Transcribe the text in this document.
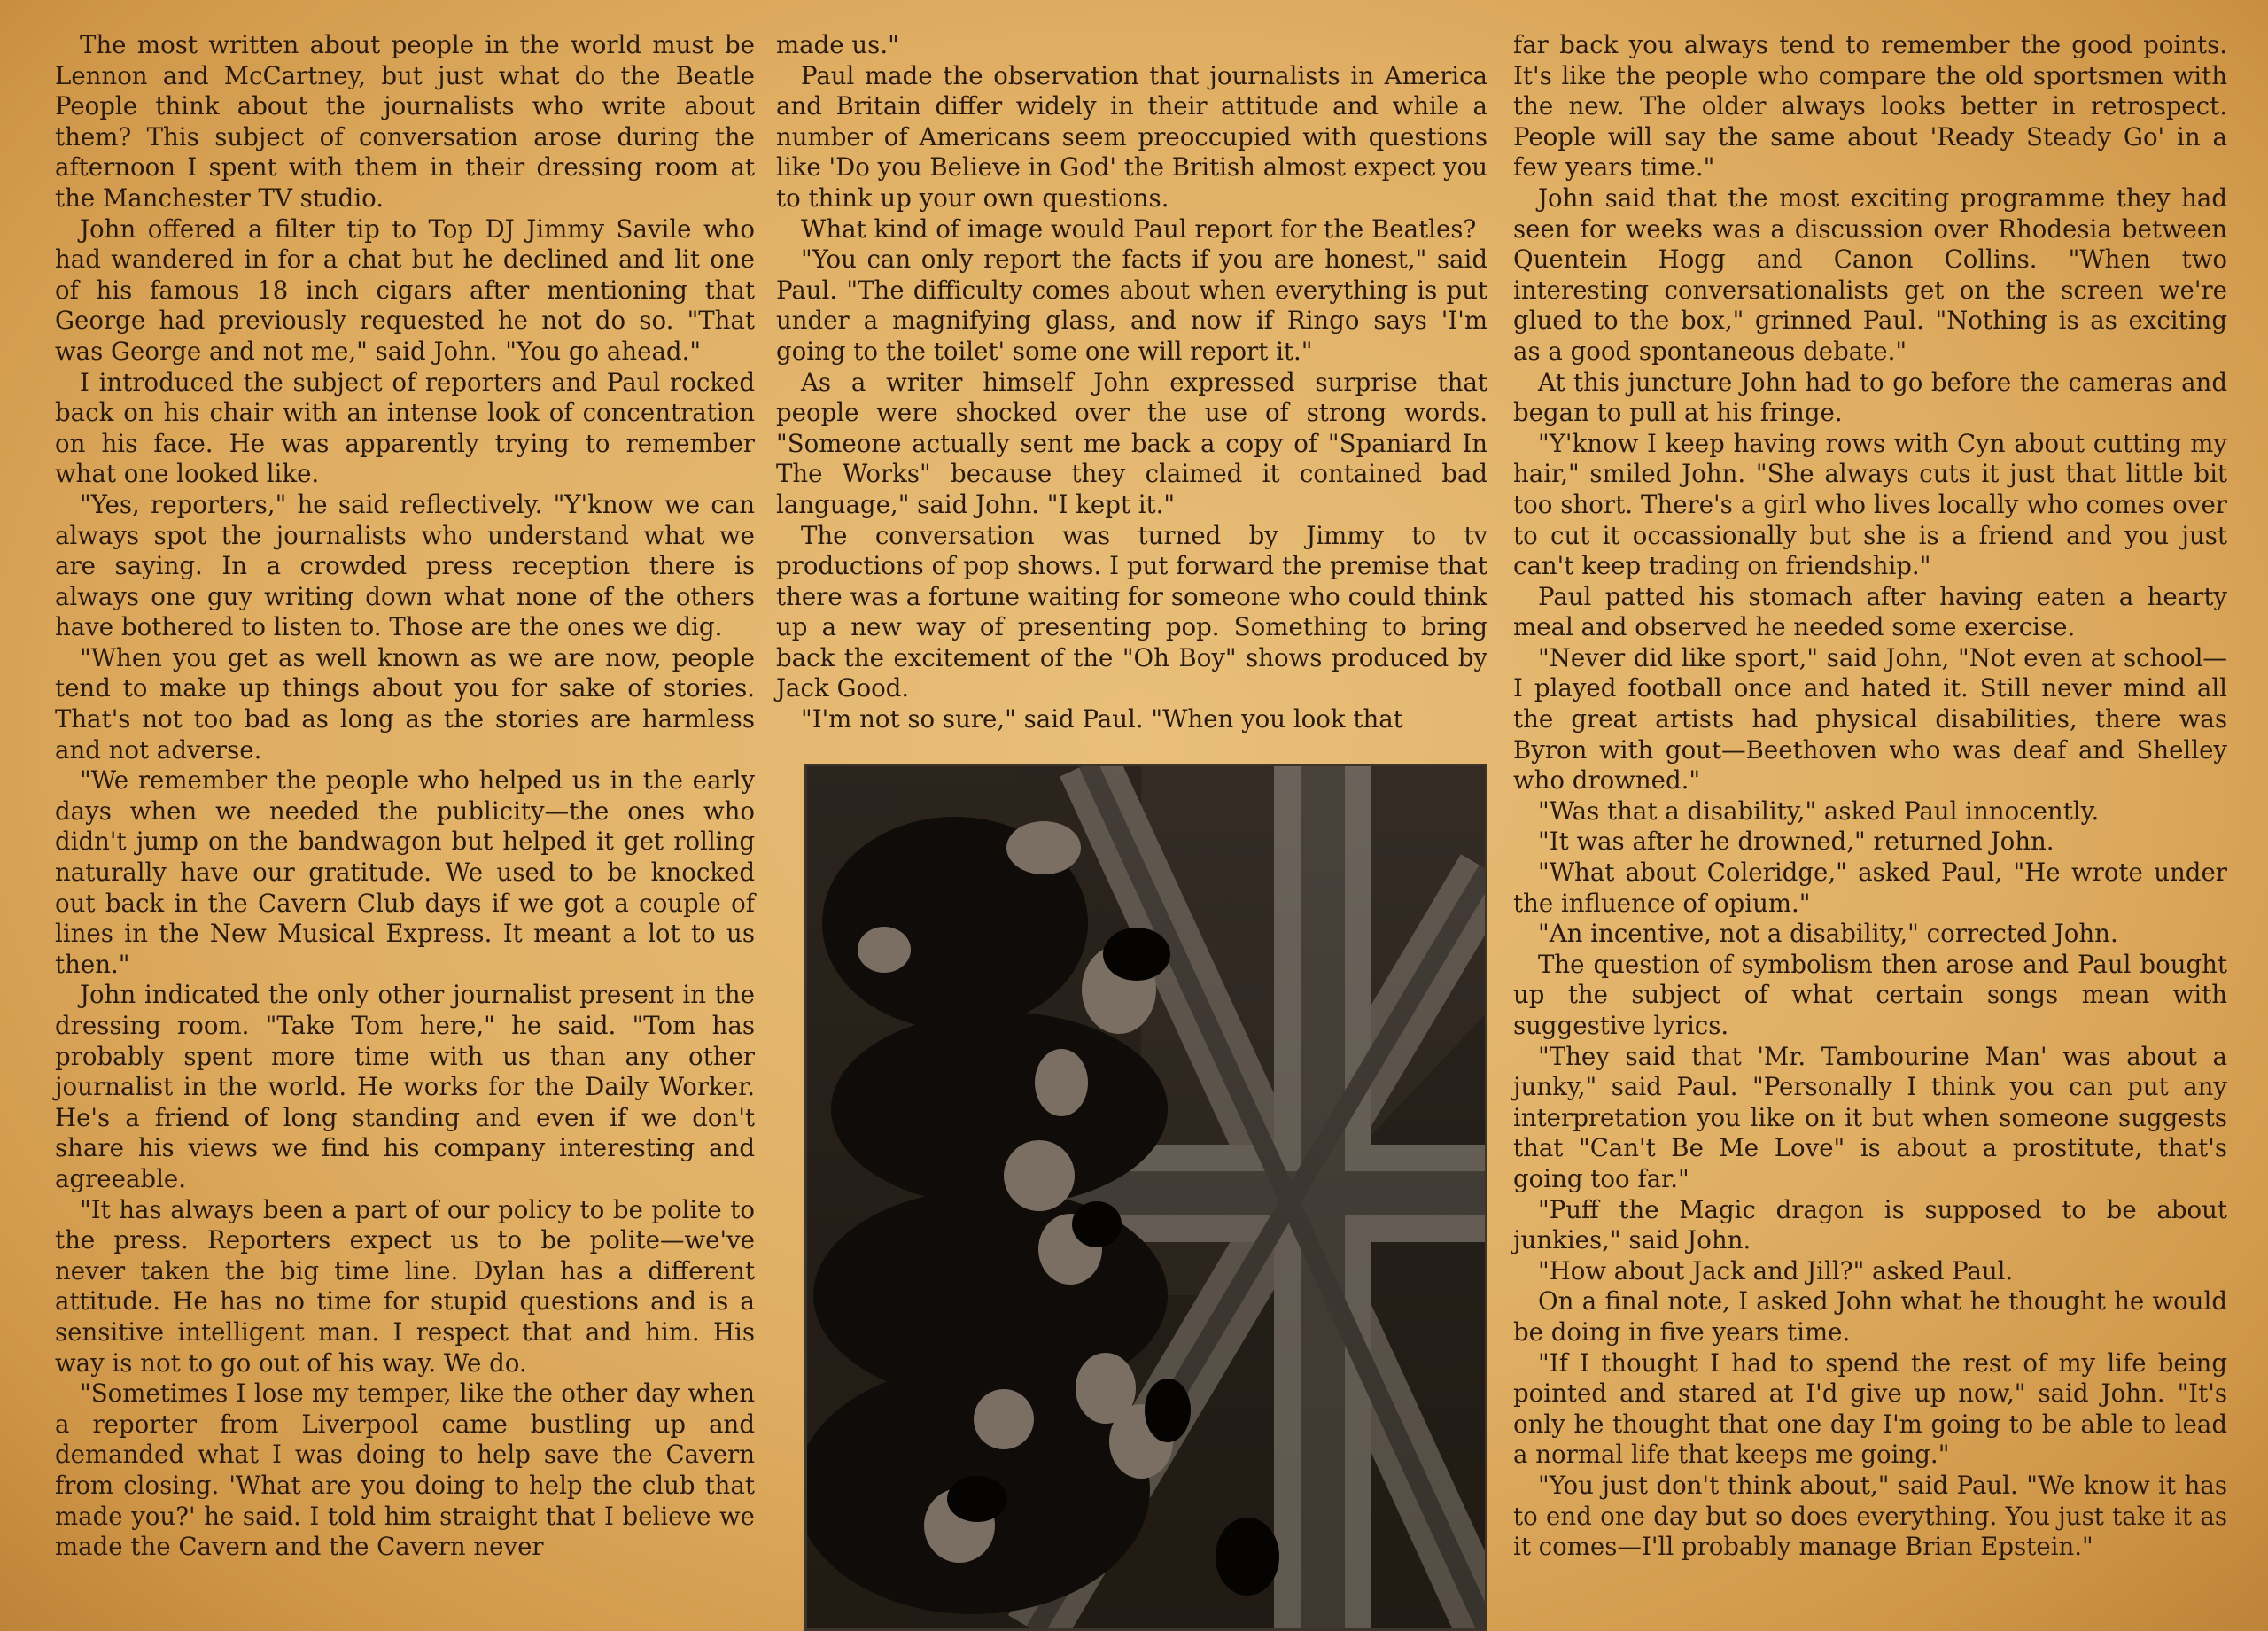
The most written about people in the world must be Lennon and McCartney, but just what do the Beatle People think about the journalists who write about them? This subject of conversation arose during the afternoon I spent with them in their dressing room at the Manchester TV studio.

John offered a filter tip to Top DJ Jimmy Savile who had wandered in for a chat but he declined and lit one of his famous 18 inch cigars after mentioning that George had previously requested he not do so. "That was George and not me," said John. "You go ahead."

I introduced the subject of reporters and Paul rocked back on his chair with an intense look of concentration on his face. He was apparently trying to remember what one looked like.

"Yes, reporters," he said reflectively. "Y'know we can always spot the journalists who understand what we are saying. In a crowded press reception there is always one guy writing down what none of the others have bothered to listen to. Those are the ones we dig.

"When you get as well known as we are now, people tend to make up things about you for sake of stories. That's not too bad as long as the stories are harmless and not adverse.

"We remember the people who helped us in the early days when we needed the publicity—the ones who didn't jump on the bandwagon but helped it get rolling naturally have our gratitude. We used to be knocked out back in the Cavern Club days if we got a couple of lines in the New Musical Express. It meant a lot to us then."

John indicated the only other journalist present in the dressing room. "Take Tom here," he said. "Tom has probably spent more time with us than any other journalist in the world. He works for the Daily Worker. He's a friend of long standing and even if we don't share his views we find his company interesting and agreeable.

"It has always been a part of our policy to be polite to the press. Reporters expect us to be polite—we've never taken the big time line. Dylan has a different attitude. He has no time for stupid questions and is a sensitive intelligent man. I respect that and him. His way is not to go out of his way. We do.

"Sometimes I lose my temper, like the other day when a reporter from Liverpool came bustling up and demanded what I was doing to help save the Cavern from closing. 'What are you doing to help the club that made you?' he said. I told him straight that I believe we made the Cavern and the Cavern never

made us."

Paul made the observation that journalists in America and Britain differ widely in their attitude and while a number of Americans seem preoccupied with questions like 'Do you Believe in God' the British almost expect you to think up your own questions.

What kind of image would Paul report for the Beatles?

"You can only report the facts if you are honest," said Paul. "The difficulty comes about when everything is put under a magnifying glass, and now if Ringo says 'I'm going to the toilet' some one will report it."

As a writer himself John expressed surprise that people were shocked over the use of strong words. "Someone actually sent me back a copy of "Spaniard In The Works" because they claimed it contained bad language," said John. "I kept it."

The conversation was turned by Jimmy to tv productions of pop shows. I put forward the premise that there was a fortune waiting for someone who could think up a new way of presenting pop. Something to bring back the excitement of the "Oh Boy" shows produced by Jack Good.

"I'm not so sure," said Paul. "When you look that

far back you always tend to remember the good points. It's like the people who compare the old sportsmen with the new. The older always looks better in retrospect. People will say the same about 'Ready Steady Go' in a few years time."

John said that the most exciting programme they had seen for weeks was a discussion over Rhodesia between Quentein Hogg and Canon Collins. "When two interesting conversationalists get on the screen we're glued to the box," grinned Paul. "Nothing is as exciting as a good spontaneous debate."

At this juncture John had to go before the cameras and began to pull at his fringe.

"Y'know I keep having rows with Cyn about cutting my hair," smiled John. "She always cuts it just that little bit too short. There's a girl who lives locally who comes over to cut it occassionally but she is a friend and you just can't keep trading on friendship."

Paul patted his stomach after having eaten a hearty meal and observed he needed some exercise.

"Never did like sport," said John, "Not even at school—I played football once and hated it. Still never mind all the great artists had physical disabilities, there was Byron with gout—Beethoven who was deaf and Shelley who drowned."

"Was that a disability," asked Paul innocently.

"It was after he drowned," returned John.

"What about Coleridge," asked Paul, "He wrote under the influence of opium."

"An incentive, not a disability," corrected John.

The question of symbolism then arose and Paul bought up the subject of what certain songs mean with suggestive lyrics.

"They said that 'Mr. Tambourine Man' was about a junky," said Paul. "Personally I think you can put any interpretation you like on it but when someone suggests that "Can't Be Me Love" is about a prostitute, that's going too far."

"Puff the Magic dragon is supposed to be about junkies," said John.

"How about Jack and Jill?" asked Paul.

On a final note, I asked John what he thought he would be doing in five years time.

"If I thought I had to spend the rest of my life being pointed and stared at I'd give up now," said John. "It's only he thought that one day I'm going to be able to lead a normal life that keeps me going."

"You just don't think about," said Paul. "We know it has to end one day but so does everything. You just take it as it comes—I'll probably manage Brian Epstein."
